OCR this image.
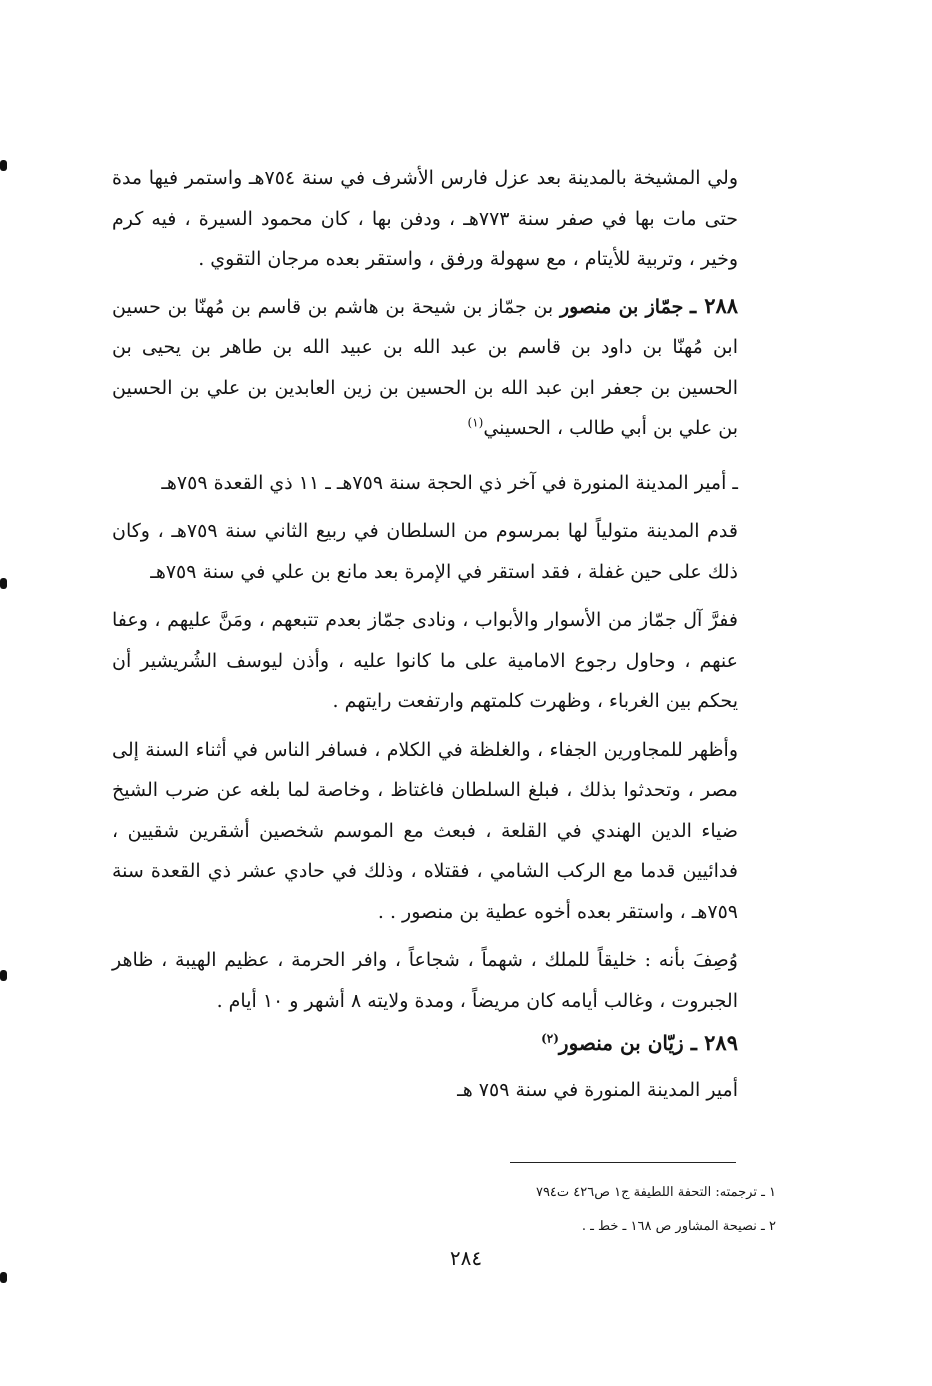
ولي المشيخة بالمدينة بعد عزل فارس الأشرف في سنة ٧٥٤هـ واستمر فيها مدة حتى مات بها في صفر سنة ٧٧٣هـ ، ودفن بها ، كان محمود السيرة ، فيه كرم وخير ، وتربية للأيتام ، مع سهولة ورفق ، واستقر بعده مرجان التقوي .

٢٨٨ ـ جمّاز بن منصور بن جمّاز بن شيحة بن هاشم بن قاسم بن مُهنّا بن حسين ابن مُهنّا بن داود بن قاسم بن عبد الله بن عبيد الله بن طاهر بن يحيى بن الحسين بن جعفر ابن عبد الله بن الحسين بن زين العابدين بن علي بن الحسين بن علي بن أبي طالب ، الحسيني$^{(١)}$

ـ أمير المدينة المنورة في آخر ذي الحجة سنة ٧٥٩هـ ـ ١١ ذي القعدة ٧٥٩هـ

قدم المدينة متولياً لها بمرسوم من السلطان في ربيع الثاني سنة ٧٥٩هـ ، وكان ذلك على حين غفلة ، فقد استقر في الإمرة بعد مانع بن علي في سنة ٧٥٩هـ

ففرَّ آل جمّاز من الأسوار والأبواب ، ونادى جمّاز بعدم تتبعهم ، ومَنَّ عليهم ، وعفا عنهم ، وحاول رجوع الامامية على ما كانوا عليه ، وأذن ليوسف الشُريشير أن يحكم بين الغرباء ، وظهرت كلمتهم وارتفعت رايتهم .

وأظهر للمجاورين الجفاء ، والغلظة في الكلام ، فسافر الناس في أثناء السنة إلى مصر ، وتحدثوا بذلك ، فبلغ السلطان فاغتاظ ، وخاصة لما بلغه عن ضرب الشيخ ضياء الدين الهندي في القلعة ، فبعث مع الموسم شخصين أشقرين شقيين ، فدائيين قدما مع الركب الشامي ، فقتلاه ، وذلك في حادي عشر ذي القعدة سنة ٧٥٩هـ ، واستقر بعده أخوه عطية بن منصور . .

وُصِفَ بأنه : خليقاً للملك ، شهماً ، شجاعاً ، وافر الحرمة ، عظيم الهيبة ، ظاهر الجبروت ، وغالب أيامه كان مريضاً ، ومدة ولايته ٨ أشهر و ١٠ أيام .

٢٨٩ ـ زيّان بن منصور$^{(٢)}$

أمير المدينة المنورة في سنة ٧٥٩ هـ

١ ـ ترجمته: التحفة اللطيفة ج١ ص٤٢٦ ت٧٩٤

٢ ـ نصيحة المشاور ص ١٦٨ ـ خط ـ .

٢٨٤
